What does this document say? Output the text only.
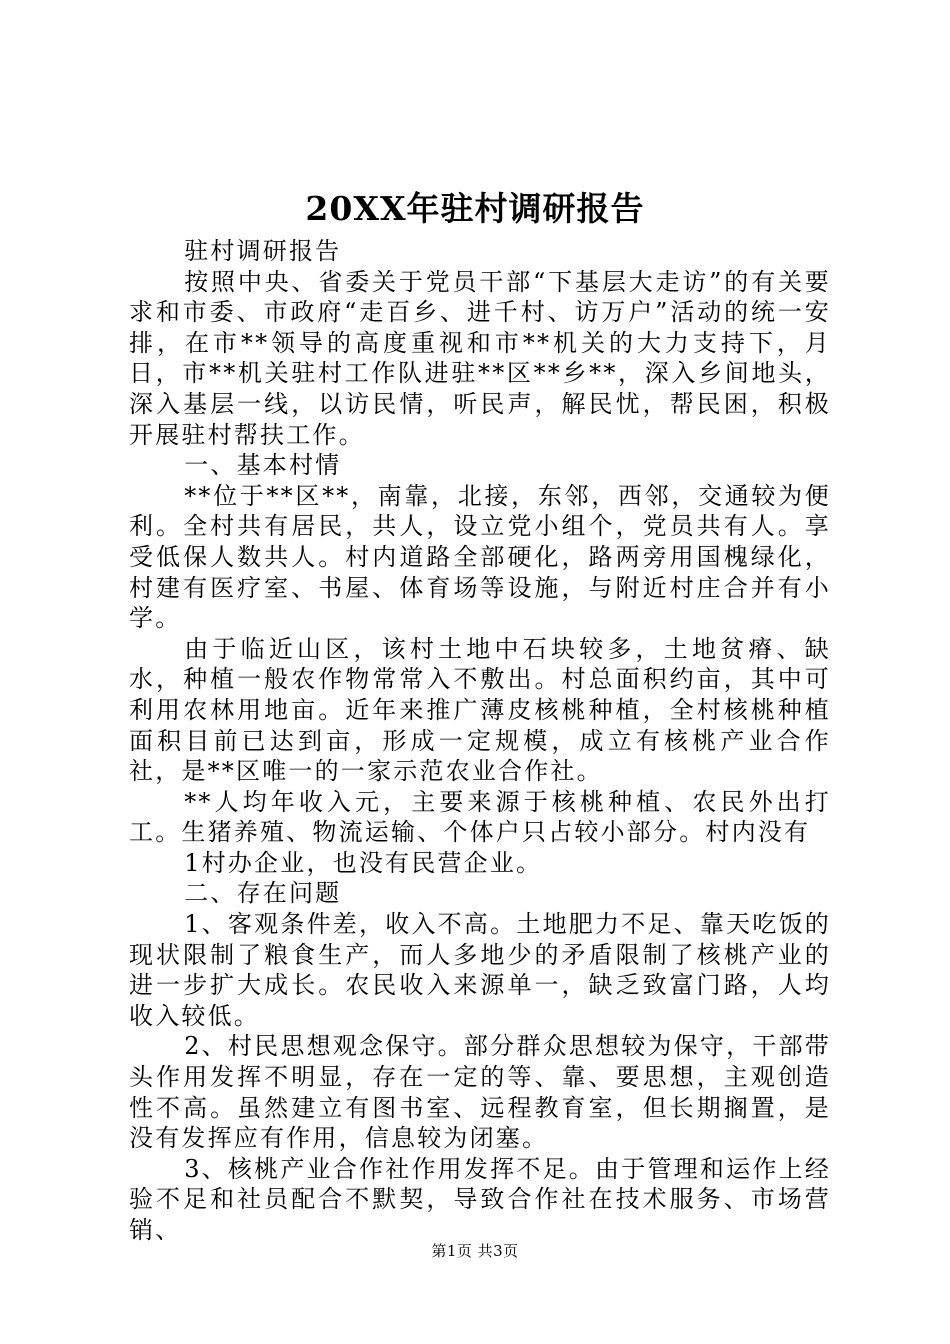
20XX年驻村调研报告

驻村调研报告

按照中央、省委关于党员干部“下基层大走访”的有关要求和市委、市政府“走百乡、进千村、访万户”活动的统一安排，在市**领导的高度重视和市**机关的大力支持下，月日，市**机关驻村工作队进驻**区**乡**，深入乡间地头，深入基层一线，以访民情，听民声，解民忧，帮民困，积极开展驻村帮扶工作。

一、基本村情

**位于**区**，南靠，北接，东邻，西邻，交通较为便利。全村共有居民，共人，设立党小组个，党员共有人。享受低保人数共人。村内道路全部硬化，路两旁用国槐绿化，村建有医疗室、书屋、体育场等设施，与附近村庄合并有小学。

由于临近山区，该村土地中石块较多，土地贫瘠、缺水，种植一般农作物常常入不敷出。村总面积约亩，其中可利用农林用地亩。近年来推广薄皮核桃种植，全村核桃种植面积目前已达到亩，形成一定规模，成立有核桃产业合作社，是**区唯一的一家示范农业合作社。

**人均年收入元，主要来源于核桃种植、农民外出打工。生猪养殖、物流运输、个体户只占较小部分。村内没有

1村办企业，也没有民营企业。

二、存在问题

1、客观条件差，收入不高。土地肥力不足、靠天吃饭的现状限制了粮食生产，而人多地少的矛盾限制了核桃产业的进一步扩大成长。农民收入来源单一，缺乏致富门路，人均收入较低。

2、村民思想观念保守。部分群众思想较为保守，干部带头作用发挥不明显，存在一定的等、靠、要思想，主观创造性不高。虽然建立有图书室、远程教育室，但长期搁置，是没有发挥应有作用，信息较为闭塞。

3、核桃产业合作社作用发挥不足。由于管理和运作上经验不足和社员配合不默契，导致合作社在技术服务、市场营销、

第1页 共3页
